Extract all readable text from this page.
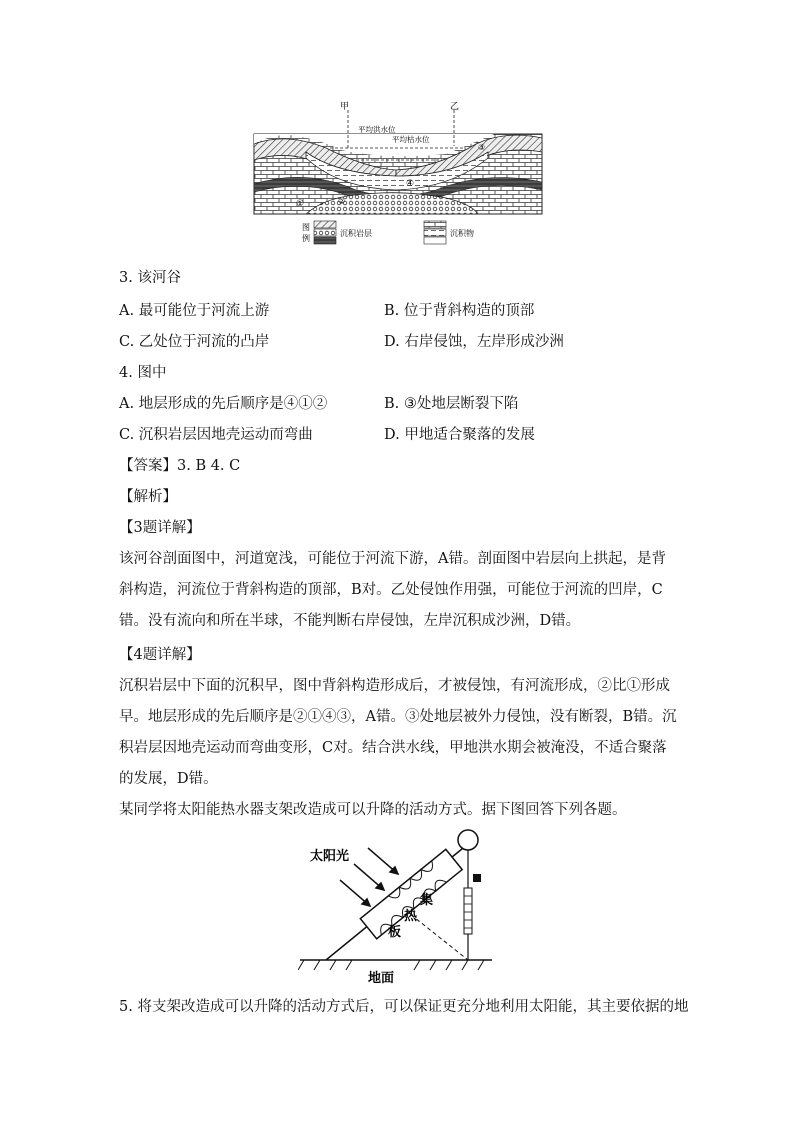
甲	乙
平均洪水位
平均枯水位
①	②
③
④
图
例
沉积岩层	沉积物
3. 该河谷
A. 最可能位于河流上游	B. 位于背斜构造的顶部
C. 乙处位于河流的凸岸	D. 右岸侵蚀，左岸形成沙洲
4. 图中
A. 地层形成的先后顺序是④①②	B. ③处地层断裂下陷
C. 沉积岩层因地壳运动而弯曲	D. 甲地适合聚落的发展
【答案】3. B 4. C
【解析】
【3题详解】
该河谷剖面图中，河道宽浅，可能位于河流下游，A错。剖面图中岩层向上拱起，是背斜构造，河流位于背斜构造的顶部，B对。乙处侵蚀作用强，可能位于河流的凹岸，C错。没有流向和所在半球，不能判断右岸侵蚀，左岸沉积成沙洲，D错。
【4题详解】
沉积岩层中下面的沉积早，图中背斜构造形成后，才被侵蚀，有河流形成，②比①形成早。地层形成的先后顺序是②①④③，A错。③处地层被外力侵蚀，没有断裂，B错。沉积岩层因地壳运动而弯曲变形，C对。结合洪水线，甲地洪水期会被淹没，不适合聚落的发展，D错。
某同学将太阳能热水器支架改造成可以升降的活动方式。据下图回答下列各题。
太阳光
集
热
板
地面
5. 将支架改造成可以升降的活动方式后，可以保证更充分地利用太阳能，其主要依据的地
